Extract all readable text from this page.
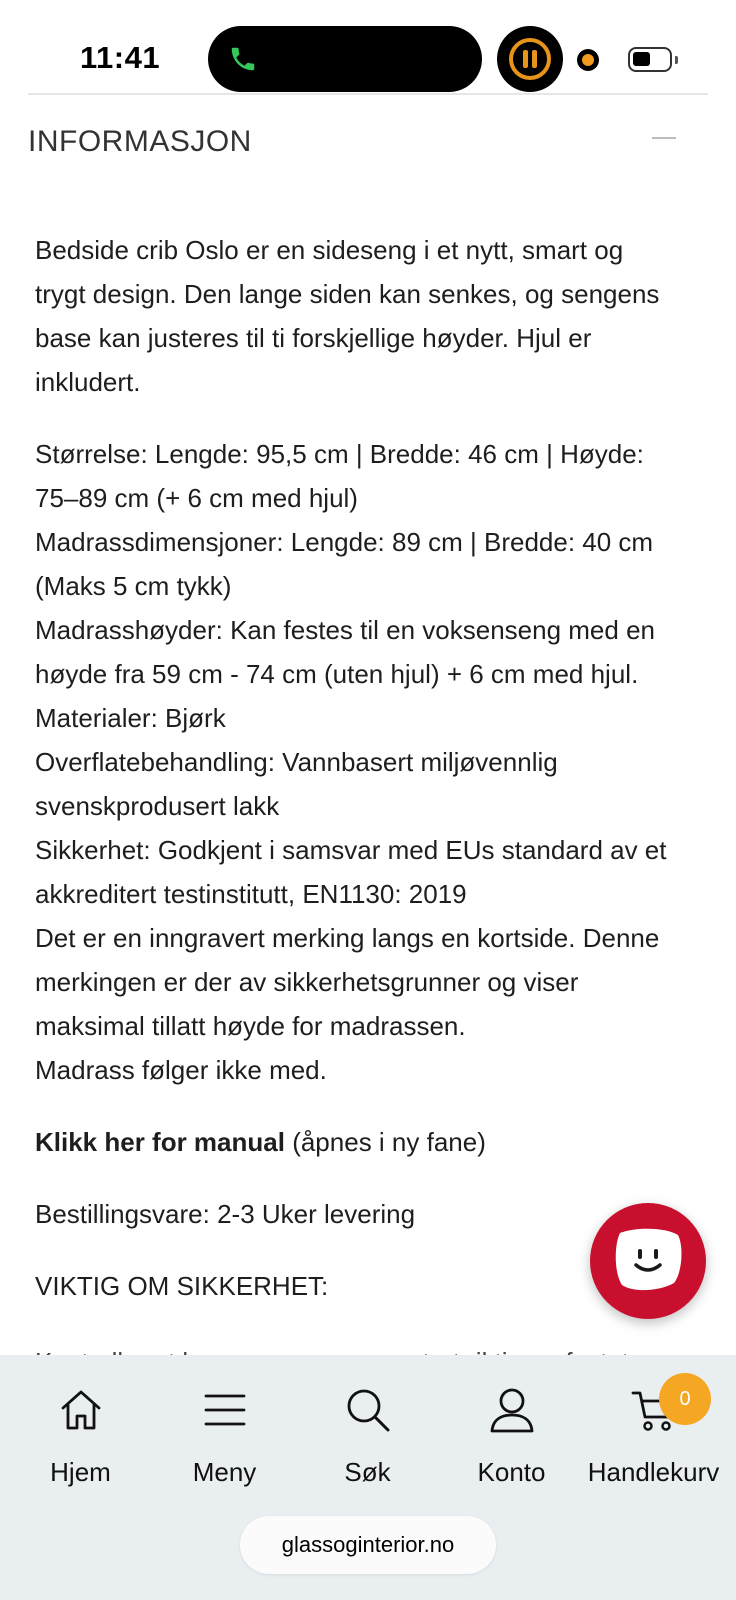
11:41
INFORMASJON

Bedside crib Oslo er en sideseng i et nytt, smart og
trygt design. Den lange siden kan senkes, og sengens
base kan justeres til ti forskjellige høyder. Hjul er
inkludert.

Størrelse: Lengde: 95,5 cm | Bredde: 46 cm | Høyde:
75–89 cm (+ 6 cm med hjul)
Madrassdimensjoner: Lengde: 89 cm | Bredde: 40 cm
(Maks 5 cm tykk)
Madrasshøyder: Kan festes til en voksenseng med en
høyde fra 59 cm - 74 cm (uten hjul) + 6 cm med hjul.
Materialer: Bjørk
Overflatebehandling: Vannbasert miljøvennlig
svenskprodusert lakk
Sikkerhet: Godkjent i samsvar med EUs standard av et
akkreditert testinstitutt, EN1130: 2019
Det er en inngravert merking langs en kortside. Denne
merkingen er der av sikkerhetsgrunner og viser
maksimal tillatt høyde for madrassen.
Madrass følger ikke med.

Klikk her for manual (åpnes i ny fane)

Bestillingsvare: 2-3 Uker levering

VIKTIG OM SIKKERHET:

Hjem	Meny	Søk	Konto
0
Handlekurv
glassoginterior.no
